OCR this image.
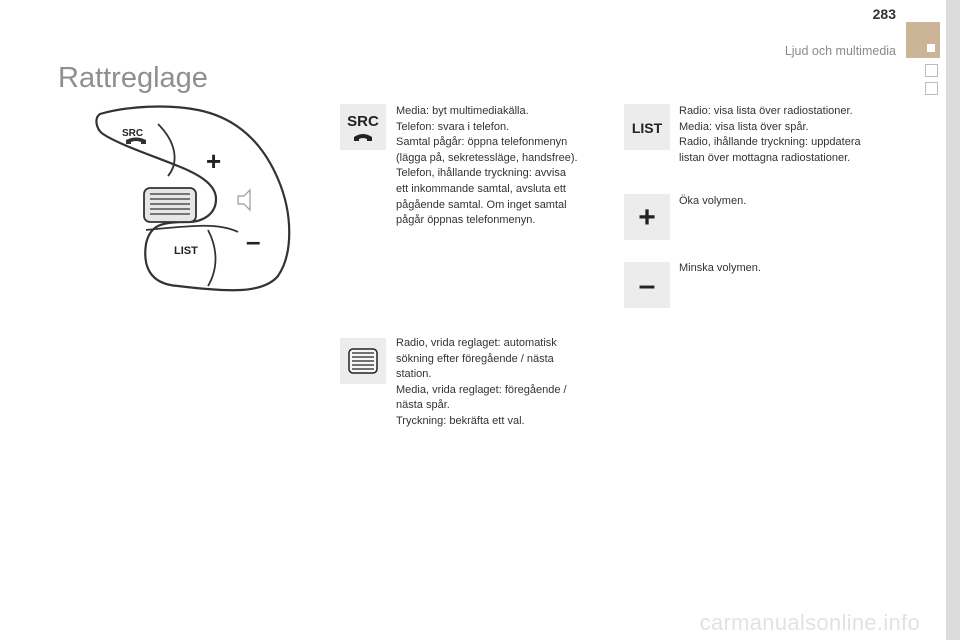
283
Ljud och multimedia
Rattreglage
SRC
LIST
+
–
SRC
Media: byt multimediakälla.
Telefon: svara i telefon.
Samtal pågår: öppna telefonmenyn
(lägga på, sekretessläge, handsfree).
Telefon, ihållande tryckning: avvisa
ett inkommande samtal, avsluta ett
pågående samtal. Om inget samtal
pågår öppnas telefonmenyn.
Radio, vrida reglaget: automatisk
sökning efter föregående / nästa
station.
Media, vrida reglaget: föregående /
nästa spår.
Tryckning: bekräfta ett val.
LIST
Radio: visa lista över radiostationer.
Media: visa lista över spår.
Radio, ihållande tryckning: uppdatera
listan över mottagna radiostationer.
+ Öka volymen.
–
Minska volymen.
carmanualsonline.info
